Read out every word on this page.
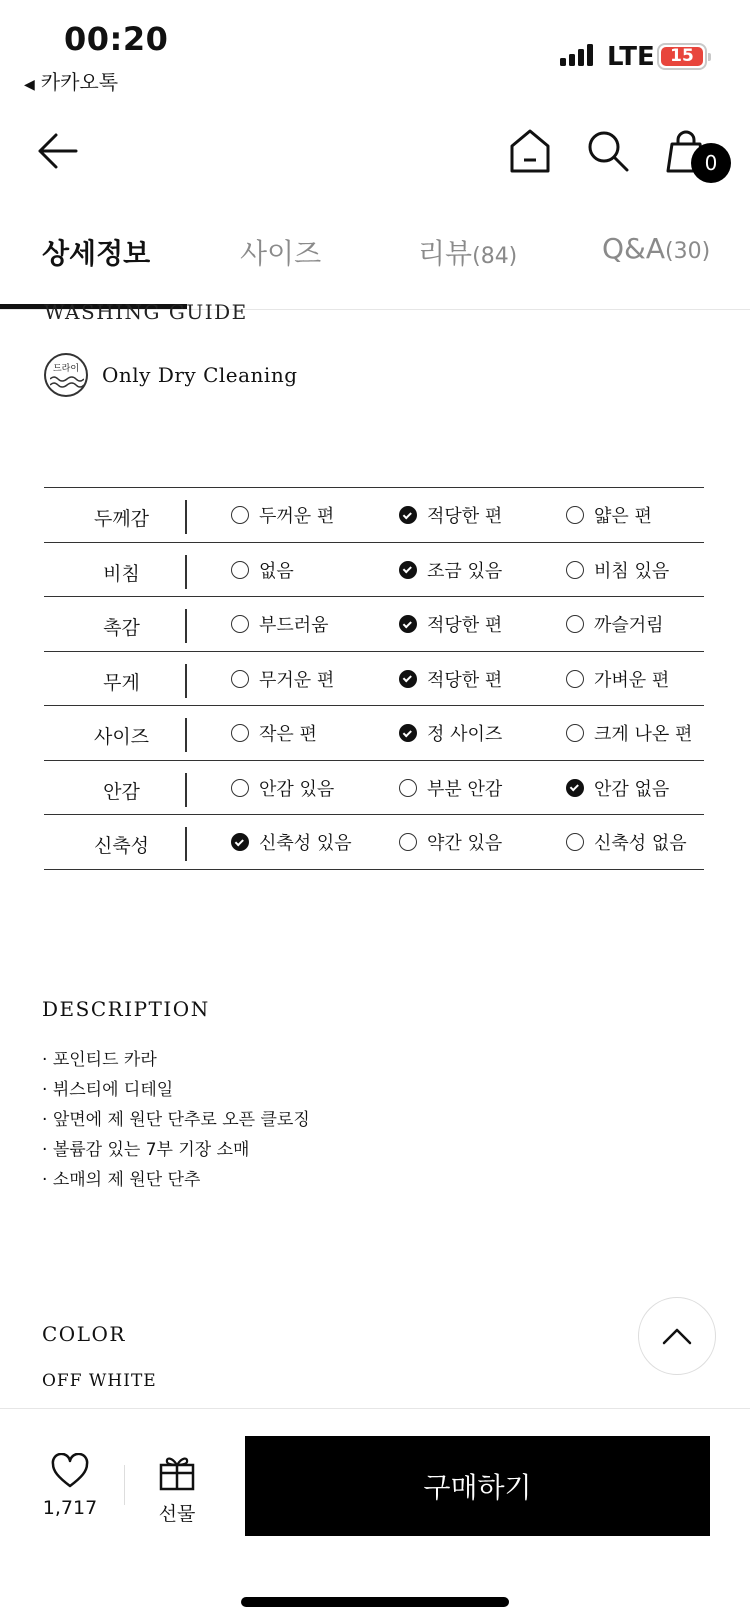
00:20
◀ 카카오톡
LTE 15
0
상세정보	사이즈	리뷰(84)	Q&A(30)
WASHING GUIDE
드라이	Only Dry Cleaning
두께감	두꺼운 편	적당한 편	얇은 편
비침	없음	조금 있음	비침 있음
촉감	부드러움	적당한 편	까슬거림
무게	무거운 편	적당한 편	가벼운 편
사이즈	작은 편	정 사이즈	크게 나온 편
안감	안감 있음	부분 안감	안감 없음
신축성	신축성 있음	약간 있음	신축성 없음
DESCRIPTION
· 포인티드 카라
· 뷔스티에 디테일
· 앞면에 제 원단 단추로 오픈 클로징
· 볼륨감 있는 7부 기장 소매
· 소매의 제 원단 단추
COLOR
OFF WHITE
1,717	선물
구매하기
